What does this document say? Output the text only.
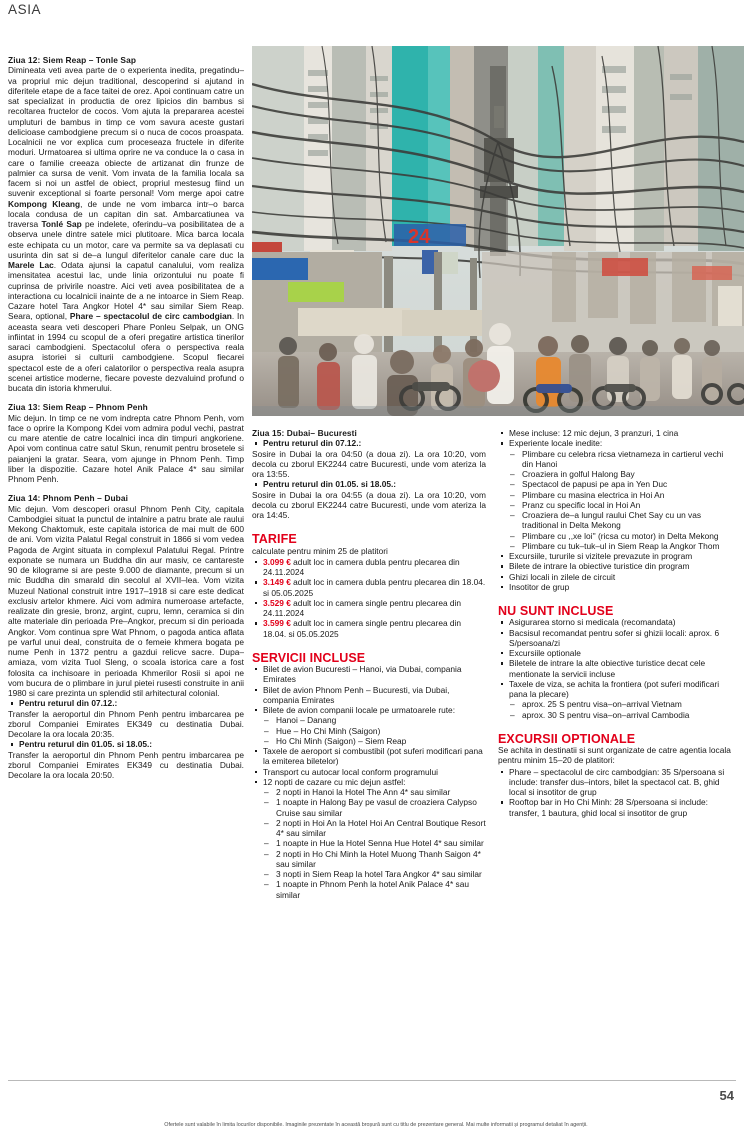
ASIA
24

Ziua 12: Siem Reap – Tonle Sap

Dimineata veti avea parte de o experienta inedita, pregatindu–va propriul mic dejun traditional, descoperind si ajutand in diferitele etape de a face taitei de orez. Apoi continuam catre un sat specializat in productia de orez lipicios din bambus si recoltarea fructelor de cocos. Vom ajuta la prepararea acestei umpluturi de bambus in timp ce vom savura aceste gustari delicioase cambodgiene precum si o nuca de cocos proaspata. Localnicii ne vor explica cum proceseaza fructele in diferite moduri. Urmatoarea si ultima oprire ne va conduce la o casa in care o familie creeaza obiecte de artizanat din frunze de palmier ca sursa de venit. Vom invata de la familia locala sa facem si noi un astfel de obiect, propriul mestesug fiind un suvenir exceptional si foarte personal! Vom merge apoi catre Kompong Kleang, de unde ne vom imbarca intr–o barca locala condusa de un capitan din sat. Ambarcatiunea va traversa Tonlé Sap pe indelete, oferindu–va posibilitatea de a observa unele dintre satele mici plutitoare. Mica barca locala este echipata cu un motor, care va permite sa va deplasati cu usurinta din sat si de–a lungul diferitelor canale care duc la Marele Lac. Odata ajunsi la capatul canalului, vom realiza imensitatea acestui lac, unde linia orizontului nu poate fi cuprinsa de privirile noastre. Aici veti avea posibilitatea de a interactiona cu localnicii inainte de a ne intoarce in Siem Reap. Cazare hotel Tara Angkor Hotel 4* sau similar Siem Reap. Seara, optional, Phare – spectacolul de circ cambodgian. In aceasta seara veti descoperi Phare Ponleu Selpak, un ONG infiintat in 1994 cu scopul de a oferi pregatire artistica tinerilor saraci cambodgieni. Spectacolul ofera o perspectiva reala asupra istoriei si culturii cambodgiene. Scopul fiecarei spectacol este de a oferi calatorilor o perspectiva reala asupra scenei artistice moderne, fiecare poveste dezvaluind profund o bucata din istoria khmerului.

Ziua 13: Siem Reap – Phnom Penh

Mic dejun. In timp ce ne vom indrepta catre Phnom Penh, vom face o oprire la Kompong Kdei vom admira podul vechi, pastrat cu mare atentie de catre localnici inca din timpuri angkoriene. Apoi vom continua catre satul Skun, renumit pentru brosetele si paianjeni la gratar. Seara, vom ajunge in Phnom Penh. Timp liber la dispozitie. Cazare hotel Anik Palace 4* sau similar Phnom Penh.

Ziua 14: Phnom Penh – Dubai

Mic dejun. Vom descoperi orasul Phnom Penh City, capitala Cambodgiei situat la punctul de intalnire a patru brate ale raului Mekong Chaktomuk, este capitala istorica de mai mult de 600 de ani. Vom vizita Palatul Regal construit in 1866 si vom vedea Pagoda de Argint situata in complexul Palatului Regal. Printre exponate se numara un Buddha din aur masiv, ce cantareste 90 de kilograme si are peste 9.000 de diamante, precum si un mic Buddha din smarald din secolul al XVII–lea. Vom vizita Muzeul National construit intre 1917–1918 si care este dedicat exclusiv artelor khmere. Aici vom admira numeroase artefacte, realizate din gresie, bronz, argint, cupru, lemn, ceramica si din alte materiale din perioada Pre–Angkor, precum si din perioada Angkor. Vom continua spre Wat Phnom, o pagoda antica aflata pe varful unui deal, construita de o femeie khmera bogata pe nume Penh in 1372 pentru a gazdui relicve sacre. Dupa–amiaza, vom vizita Tuol Sleng, o scoala istorica care a fost folosita ca inchisoare in perioada Khmerilor Rosii si apoi ne vom bucura de o plimbare in jurul pietei rusesti construite in anii 1980 si care prezinta un splendid stil arhitectural colonial.

Pentru returul din 07.12.:

Transfer la aeroportul din Phnom Penh pentru imbarcarea pe zborul Companiei Emirates EK349 cu destinatia Dubai. Decolare la ora locala 20:35.

Pentru returul din 01.05. si 18.05.:

Transfer la aeroportul din Phnom Penh pentru imbarcarea pe zborul Companiei Emirates EK349 cu destinatia Dubai. Decolare la ora locala 20:50.

Ziua 15: Dubai– Bucuresti

Pentru returul din 07.12.:

Sosire in Dubai la ora 04:50 (a doua zi). La ora 10:20, vom decola cu zborul EK2244 catre Bucuresti, unde vom ateriza la ora 13:55.

Pentru returul din 01.05. si 18.05.:

Sosire in Dubai la ora 04:55 (a doua zi). La ora 10:20, vom decola cu zborul EK2244 catre Bucuresti, unde vom ateriza la ora 14:45.

TARIFE

calculate pentru minim 25 de platitori

3.099 € adult loc in camera dubla pentru plecarea din 24.11.2024
3.149 € adult loc in camera dubla pentru plecarea din 18.04. si 05.05.2025
3.529 € adult loc in camera single pentru plecarea din 24.11.2024
3.599 € adult loc in camera single pentru plecarea din 18.04. si 05.05.2025

SERVICII INCLUSE

Bilet de avion Bucuresti – Hanoi, via Dubai, compania Emirates
Bilet de avion Phnom Penh – Bucuresti, via Dubai, compania Emirates
Bilete de avion companii locale pe urmatoarele rute:
– Hanoi – Danang
– Hue – Ho Chi Minh (Saigon)
– Ho Chi Minh (Saigon) – Siem Reap
Taxele de aeroport si combustibil (pot suferi modificari pana la emiterea biletelor)
Transport cu autocar local conform programului
12 nopti de cazare cu mic dejun astfel:
– 2 nopti in Hanoi la Hotel The Ann 4* sau similar
– 1 noapte in Halong Bay pe vasul de croaziera Calypso Cruise sau similar
– 2 nopti in Hoi An la Hotel Hoi An Central Boutique Resort 4* sau similar
– 1 noapte in Hue la Hotel Senna Hue Hotel 4* sau similar
– 2 nopti in Ho Chi Minh la Hotel Muong Thanh Saigon 4* sau similar
– 3 nopti in Siem Reap la hotel Tara Angkor 4* sau similar
– 1 noapte in Phnom Penh la hotel Anik Palace 4* sau similar
Mese incluse: 12 mic dejun, 3 pranzuri, 1 cina
Experiente locale inedite:
– Plimbare cu celebra ricsa vietnameza in cartierul vechi din Hanoi
– Croaziera in golful Halong Bay
– Spectacol de papusi pe apa in Yen Duc
– Plimbare cu masina electrica in Hoi An
– Pranz cu specific local in Hoi An
– Croaziera de–a lungul raului Chet Say cu un vas traditional in Delta Mekong
– Plimbare cu ,,xe loi'' (ricsa cu motor) in Delta Mekong
– Plimbare cu tuk–tuk–ul in Siem Reap la Angkor Thom
Excursiile, tururile si vizitele prevazute in program
Bilete de intrare la obiective turistice din program
Ghizi locali in zilele de circuit
Insotitor de grup

NU SUNT INCLUSE

Asigurarea storno si medicala (recomandata)
Bacsisul recomandat pentru sofer si ghizii locali: aprox. 6 S/persoana/zi
Excursiile optionale
Biletele de intrare la alte obiective turistice decat cele mentionate la servicii incluse
Taxele de viza, se achita la frontiera (pot suferi modificari pana la plecare)
– aprox. 25 S pentru visa–on–arrival Vietnam
– aprox. 30 S pentru visa–on–arrival Cambodia

EXCURSII OPTIONALE

Se achita in destinatii si sunt organizate de catre agentia locala pentru minim 15–20 de platitori:

Phare – spectacolul de circ cambodgian: 35 S/persoana si include: transfer dus–intors, bilet la spectacol cat. B, ghid local si insotitor de grup
Rooftop bar in Ho Chi Minh: 28 S/persoana si include: transfer, 1 bautura, ghid local si insotitor de grup
54
Ofertele sunt valabile în limita locurilor disponibile. Imaginile prezentate în această broșură sunt cu titlu de prezentare general. Mai multe informatii și programul detaliat în agenții.
